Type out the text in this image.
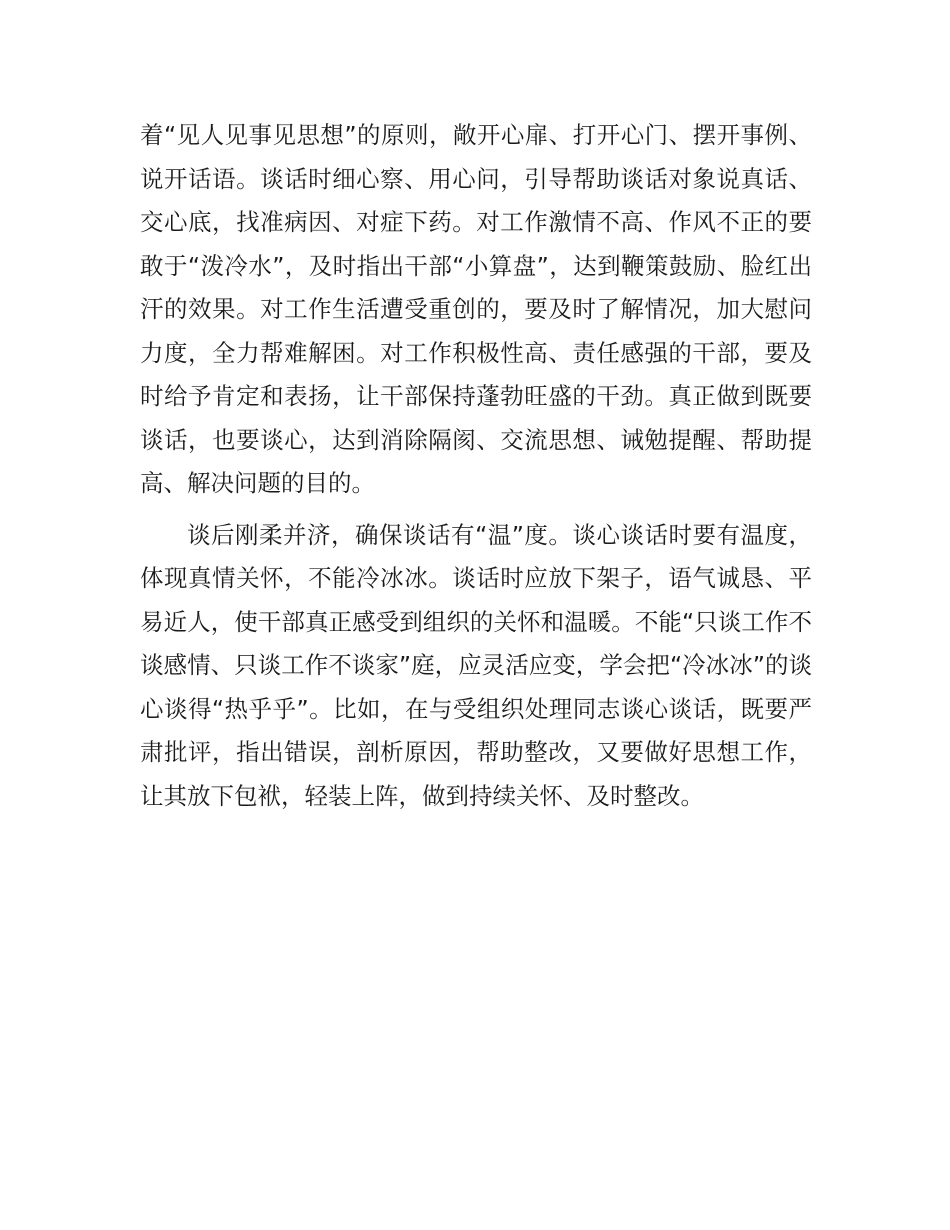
着“见人见事见思想”的原则，敞开心扉、打开心门、摆开事例、说开话语。谈话时细心察、用心问，引导帮助谈话对象说真话、交心底，找准病因、对症下药。对工作激情不高、作风不正的要敢于“泼冷水”，及时指出干部“小算盘”，达到鞭策鼓励、脸红出汗的效果。对工作生活遭受重创的，要及时了解情况，加大慰问力度，全力帮难解困。对工作积极性高、责任感强的干部，要及时给予肯定和表扬，让干部保持蓬勃旺盛的干劲。真正做到既要谈话，也要谈心，达到消除隔阂、交流思想、诫勉提醒、帮助提高、解决问题的目的。

谈后刚柔并济，确保谈话有“温”度。谈心谈话时要有温度，体现真情关怀，不能冷冰冰。谈话时应放下架子，语气诚恳、平易近人，使干部真正感受到组织的关怀和温暖。不能“只谈工作不谈感情、只谈工作不谈家”庭，应灵活应变，学会把“冷冰冰”的谈心谈得“热乎乎”。比如，在与受组织处理同志谈心谈话，既要严肃批评，指出错误，剖析原因，帮助整改，又要做好思想工作，让其放下包袱，轻装上阵，做到持续关怀、及时整改。
